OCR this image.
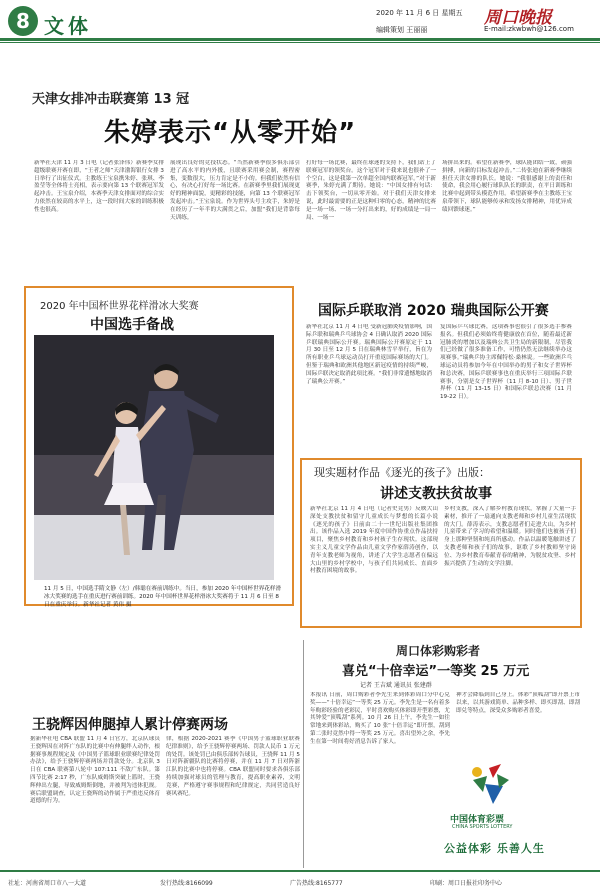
8 文体
2020 年 11 月 6 日 星期五 周口晚报
编辑策划 王丽丽	E-mail:zkwbwh@126.com
天津女排冲击联赛第 13 冠
朱婷表示“从零开始”
新华社天津 11 月 3 日电（记者张泽伟）新赛季女排超级联赛开赛在即，“王者之师”天津渤海银行女排 3 日举行了出征仪式。主教练王宝泉携朱婷、张琪、李盈莹等全体将士亮相，表示要向第 13 个联赛冠军发起冲击。王宝泉介绍，本赛季天津女排面对的综合实力依然在较高的水平上，这一段时间大家的训练积极性也很高。
展现出良好的竞技状态。“当然新赛季很多俱乐部引进了高水平的内外援，且联赛采用赛会制，赛程密集，变数很大，压力肯定是不小的。但我们依然有信心，有决心打好每一场比赛。在新赛季里我们展现更好的精神面貌，更精彩的技能，向第 13 个联赛冠军发起冲击。”王宝泉说。作为世界头号主攻手，朱婷是在经历了一年半的大满贯之后，加盟“我们是背靠每天训练。
打好每一场比赛，最终在球迷的支持下，我们站上了联赛冠军的领奖台。这个冠军对于我来说也很补了一个空白，这是我第一次单超全国内联赛冠军。”对于新赛季，朱婷充满了期待。她说：“中国女排有句话：击下领奖台，一切从零开始。对于我们天津女排来说，此时最需要的正是这种归零的心态，精神的比赛是一场一场、一场一分打出来的，好的成绩是一局一局、一场一
场拼出来的。希望在新赛季，球队能团结一致，顽强拼搏，向新的目标发起冲击。”二传张迪在新赛季继续担任天津女排的队长。她说：“我很感谢上的责任和使命，我会用心履行球队队长的职责，在平日训练和比赛中起到带头模范作用。希望新赛季在主教练王宝泉带领下，球队能够传承和发扬女排精神，用优异成绩回馈球迷。”
2020 年中国杯世界花样滑冰大奖赛
中国选手备战
11 月 5 日，中国选手隋文静（左）/韩聪在赛前训练中。当日，参加 2020 年中国杯世界花样滑冰大奖赛的选手在重庆进行赛前训练。2020 年中国杯世界花样滑冰大奖赛将于 11 月 6 日至 8 日在重庆举行。新华社记者 黄伟 摄
国际乒联取消 2020 瑞典国际公开赛
新华社北京 11 月 4 日电 受新冠肺炎疫情影响，国际乒联和瑞典乒乓球协会 4 日确认取消 2020 国际乒联瑞典国际公开赛。瑞典国际公开赛原定于 11 月 30 日至 12 月 5 日在瑞典林雪平举行，旨在为所有职业乒乓球运动员打开重返国际赛场的大门。但鉴于瑞典和欧洲其他地区新冠疫情的持续严峻，国际乒联决定取消此项比赛。“我们非常遗憾地取消了瑞典公开赛。”
复国际乒乓球比赛，这项赛事也很引了很多选手参赛报名。但我们必须始终将健康放在首位，随着最近新冠肺炎的增加以及瑞典公共卫生局的新限制，尽管我们已经做了很多准备工作，可惜仍然无法继续举办这项赛事。”瑞典乒协主席佩特松·桑林说。一些欧洲乒乓球运动员将参加今年在中国举办的男子和女子世界杯和总决赛，国际乒联赛事也在重庆举行三项国际乒联赛事，分别是女子世界杯（11 月 8-10 日）、男子世界杯（11 月 13-15 日）和国际乒联总决赛（11 月 19-22 日）。
现实题材作品《逐光的孩子》出版：
讲述支教扶贫故事
新华社北京 11 月 4 日电（记者史竞男）反映大山深处支教扶贫和留守儿童成长与梦想的长篇小说《逐光的孩子》日前由二十一世纪出版社集团推出。该作品入选 2019 年度中国作协重点作品扶持项目，聚焦乡村教育和乡村孩子生存现状。这部现实主义儿童文学作品由儿童文学作家薛涛创作，以青年支教老师为视角，讲述了大学生志愿者在偏远大山里的乡村学校中，与孩子们共同成长、直面乡村教育困境的故事。
乡村支教，深入了解乡村教育现状，掌握了大量一手素材，推开了一扇通向支教老师和乡村儿童生活现状的大门。薛涛表示，支教志愿者们走进大山，为乡村儿童带来了学习的希望和温暖。同时他们也被孩子们身上那种坚韧和纯真所感动。作品以温暖笔触讲述了支教老师和孩子们的故事，讴歌了乡村教师坚守岗位、为乡村教育奉献青春的精神，为脱贫攻坚、乡村振兴提供了生动的文学注脚。
王骁辉因伸腿掉人累计停赛两场
据新华社电 CBA 联盟 11 月 4 日官方，北京队球员王骁辉因在对阵广东队的比赛中有伸腿绊人动作，根据赛事规程规定及《中国男子篮球职业联赛纪律处罚办法》，给予王骁辉停赛两场并罚款处分。北京队 3 日在 CBA 联赛第八轮中 107:111 不敌广东队。第四节比赛 2:17 秒，广东队威姆斯突破上篮时，王骁辉伸出左腿，导致威姆斯倒地，并被判为违体犯规。赛后联盟调查，认定王骁辉的动作属于严重违反体育道德的行为。
律，根据 2020-2021 赛季《中国男子篮球职业联赛纪律准则》，给予王骁辉停赛两场、罚款人民币 1 万元的处罚。该处罚已由俱乐部转告球员，王骁辉 11 月 5 日对阵新疆队的比赛将停赛，并在 11 月 7 日对阵浙江队的比赛中也将停赛。CBA 联盟同时要求各俱乐部持续加强对球员的管理与教育，提高职业素养，文明竞赛，严格遵守赛事规程和纪律规定，共同营造良好赛风赛纪。
周口体彩购彩者
喜兑“十倍幸运”一等奖 25 万元
记者 王吉斌 通讯员 张建群
本报讯 日前，周口购彩者李先生来到体彩周口分中心兑奖——“十倍幸运”一等奖 25 万元。李先生是一名有着多年购彩经验的老彩民，平时喜欢购买体彩即开型彩票，尤其钟爱“顶呱刮”系列。10 月 26 日上午，李先生一如往常地来到体彩站，购买了 10 张“十倍幸运”即开票，刮到第二张时竟然中得一等奖 25 万元。喜出望外之余，李先生在第一时间将好消息告诉了家人。
神才会降临到自己身上。体彩“顶呱刮”即开票上市以来，以其游戏简单、品种多样、即买即刮、即刮即兑等特点，深受众多购彩者喜爱。
中国体育彩票
CHINA SPORTS LOTTERY
公益体彩 乐善人生
社址：河南省周口市八一大道	发行热线:8166099	广告热线:8165777	印刷：周口日报社印务中心
